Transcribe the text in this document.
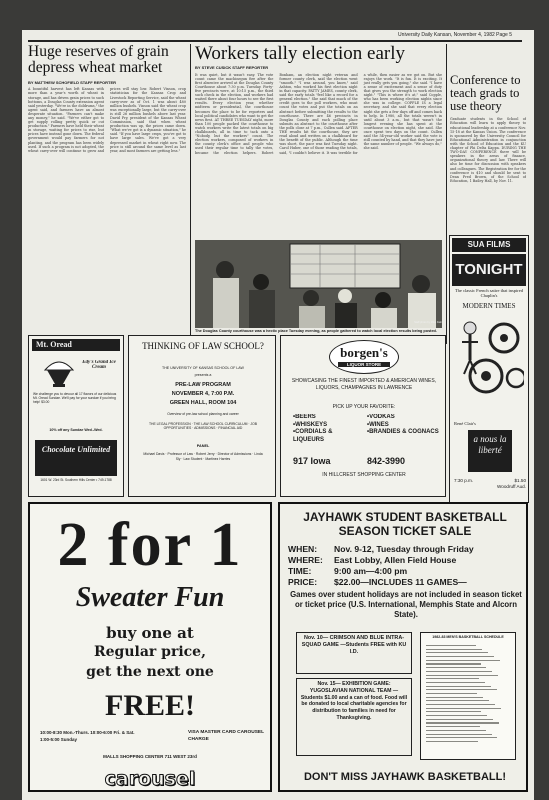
University Daily Kansan, November 4, 1982 Page 5
Huge reserves of grain depress wheat market
BY MATTHEW SCHOFIELD STAFF REPORTER
A bountiful harvest has left Kansas with more than a year's worth of wheat in storage, and has driven grain prices to such bottoms, a Douglas County extension agent said yesterday. "We're in the doldrums," the agent said, and farmers have an almost desperate situation. "Farmers can't make any money," he said. "We've either got to get supply rolling pretty quick or cut production." Farmers have held their wheat in storage, waiting for prices to rise, but prices have instead gone down. The federal government would pay farmers for not planting, and the program has been widely used. If such a program is not adopted, the wheat carry-over will continue to grow and prices will stay low. Robert Vinson, crop statistician for the Kansas Crop and Livestock Reporting Service, said the wheat carry-over as of Oct. 1 was about 480 million bushels. Vinson said the wheat crop was exceptionally large, but the carry-over is still 26 million bushels above last year. David Fry, president of the Kansas Wheat Commission, said that when wheat production was up, the prices came down. "What we've got is a dynamic situation," he said. "If you have large crops, you've got to have large sales. We've got a very depressed market in wheat right now. The price is still around the same level as last year, and most farmers are getting less."
Workers tally election early
BY STEVE CUSICK STAFF REPORTER
It was quiet, but it wasn't easy. The vote count came the machinegun fire after the first absentee arrived at the Douglas County Courthouse about 7:30 p.m. Tuesday. Forty-five precincts were, at 10:15 p.m., the third such check in the election, and workers had waited there about four hours to see the first results. Every election year, whether midterm or presidential, the courthouse becomes the place to be for reporters and local political candidates who want to get the news first. AT THREE TUESDAY night, more than 100 people packed the courthouse to watch workers write the latest totals on big chalkboards, all in time to tack onto a "Nobody, but the workers" count. The election workers, composed of workers in the county clerk's office and people who used their regular time to tally the votes, became the election helpers. Robert Bonham, an election night veteran and former county clerk, said the election went "smooth." "I was around, you know," said Ashton, who worked his first election night in that capacity. PATTY JAMES, county clerk, said the early totals "feel like a record for a general election." She said that much of the credit goes to the poll workers, who must count the votes and put the totals on an abstract before submitting the results to the courthouse. There are 46 precincts in Douglas County and each polling place submits an abstract to the courthouse after the polls close at 7 p.m., Cullen said. AFTER THE results hit the courthouse, they are read aloud and written on a chalkboard for the benefit of the public. Although the time was short, the pace was fast Tuesday night. Carol Huber, one of those reading the totals, said, "I couldn't believe it. It was terrible for a while, then easier as we got on. But she enjoys the work. "It is fun. It is exciting. It just really gets you going," she said. "I have a sense of excitement and a sense of duty that gives you the strength to work election night." "This is where it's at," said Copple, who has been working election nights since she was in college. COPPLE IS a legal secretary, and she said that every election night she gets a few days off and comes back to help. In 1980, all the totals weren't in until about 3 a.m., but that wasn't the longest evening she has spent at the courthouse on election night, she said. She once spent two days on the count. Cullen said the 54-year-old worker said the vote is still counted by hand, and that they have just the same number of people. "We always do," she said.
The Douglas County courthouse was a hectic place Tuesday evening, as people gathered to watch local election results being posted.
Staff photo by Mike Fain
Conference to teach grads to use theory
Graduate students in the School of Education will learn to apply theory to educational leadership at a conference Nov. 15-18 at the Kansas Union. The conference is sponsored by the University Council for Educational Administration in conjunction with the School of Education and the KU chapter of Phi Delta Kappa. DURING THE TWO-DAY CONFERENCE there will be speakers in the areas of finance, organizational theory and law. There will also be time for discussion with speakers and colleagues. The Registration fee for the conference is $10 and should be sent to Dean Fred Brown, of the School of Education, 1 Bailey Hall, by Nov. 11.
SUA FILMS
TONIGHT
The classic French satire that inspired Chaplin's
MODERN TIMES
René Clair's
a nous la liberté
7:30 p.m.	$1.50

Woodruff Aud.
Mt. Oread
Edy's Grand Ice Cream
We challenge you to devour all 17 flavors of our delicious Mt. Oread Sundae. We'll pay for your sundae if you bring help! $3.00
10% off any Sundae Wed.-Wed.
Chocolate Unlimited
1601 W. 23rd St. Southern Hills Center • 749-1788
THINKING OF LAW SCHOOL?
THE UNIVERSITY OF KANSAS SCHOOL OF LAW
presents a
PRE-LAW PROGRAM
NOVEMBER 4, 7:00 P.M.
GREEN HALL, ROOM 104
Overview of pre-law school planning and career
THE LEGAL PROFESSION · THE LAW SCHOOL CURRICULUM · JOB OPPORTUNITIES · ADMISSIONS · FINANCIAL AID
PANEL
Michael Davis · Professor of Law · Robert Jerry · Director of Admissions · Linda Sly · Law Student · Martinez Harries
borgen's
LIQUOR STORE
SHOWCASING THE FINEST IMPORTED & AMERICAN WINES, LIQUORS, CHAMPAGNES IN LAWRENCE
PICK UP YOUR FAVORITE:
•BEERS
•WHISKEYS
•CORDIALS & LIQUEURS
•VODKAS
•WINES
•BRANDIES & COGNACS
917 Iowa	842-3990
IN HILLCREST SHOPPING CENTER
2 for 1
Sweater Fun
buy one at
Regular price,
get the next one
FREE!
10:00-8:30 Mon.-Thurs. 10:00-6:00 Fri. & Sat. 1:00-5:00 Sunday
VISA MASTER CARD CAROUSEL CHARGE
MALLS SHOPPING CENTER 711 WEST 23rd
carousel
JAYHAWK STUDENT BASKETBALL SEASON TICKET SALE
WHEN: Nov. 9-12, Tuesday through Friday
WHERE: East Lobby, Allen Field House
TIME:	9:00 am—4:00 pm
PRICE: $22.00—INCLUDES 11 GAMES—
Games over student holidays are not included in season ticket or ticket price (U.S. International, Memphis State and Alcorn State).
Nov. 10— CRIMSON AND BLUE INTRA-SQUAD GAME —Students FREE with KU I.D.
Nov. 15— EXHIBITION GAME: YUGOSLAVIAN NATIONAL TEAM —Students $1.00 and a can of food. Food will be donated to local charitable agencies for distribution to families in need for Thanksgiving.
1982-83 MEN'S BASKETBALL SCHEDULE
DON'T MISS JAYHAWK BASKETBALL!
